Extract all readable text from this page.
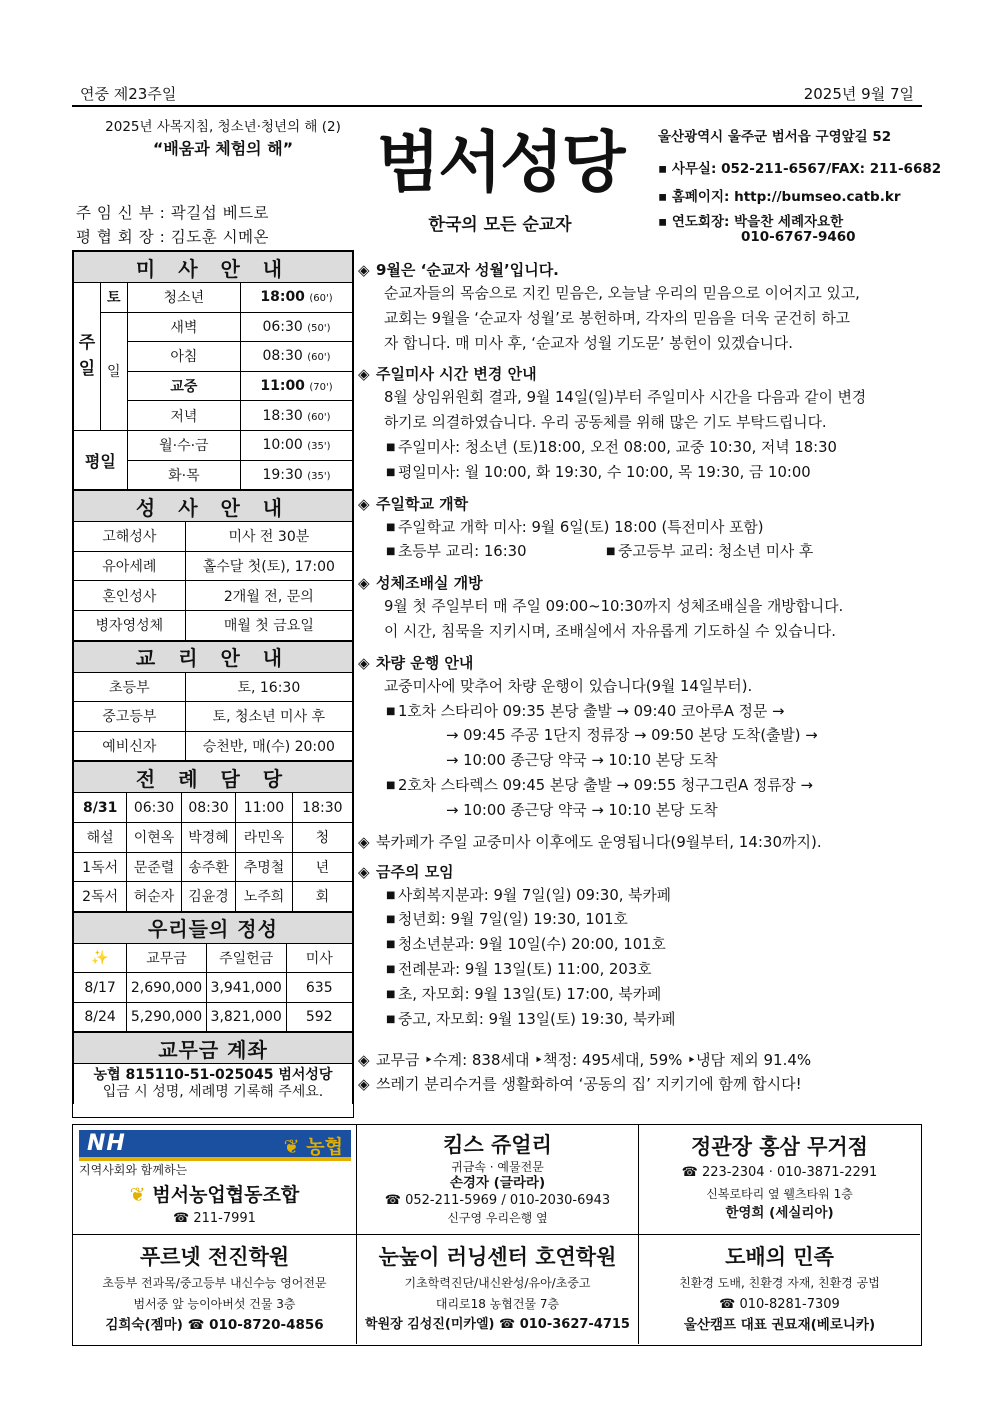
연중 제23주일	2025년 9월 7일
2025년 사목지침, 청소년·청년의 해 (2)
“배움과 체험의 해”
주 임 신 부 : 곽길섭 베드로
평 협 회 장 : 김도훈 시메온
범서성당
한국의 모든 순교자
울산광역시 울주군 범서읍 구영앞길 52
▪ 사무실: 052-211-6567/FAX: 211-6682
▪ 홈페이지: http://bumseo.catb.kr
▪ 연도회장: 박을찬 세례자요한
010-6767-9460
미 사 안 내			
주일	토	청소년	18:00 (60')
	일	새벽	06:30 (50')
		아침	08:30 (60')
		교중	11:00 (70')
		저녁	18:30 (60')
평일		월·수·금	10:00 (35')
		화·목	19:30 (35')
성 사 안 내	
고해성사	미사 전 30분
유아세례	홀수달 첫(토), 17:00
혼인성사	2개월 전, 문의
병자영성체	매월 첫 금요일
교 리 안 내	
초등부	토, 16:30
중고등부	토, 청소년 미사 후
예비신자	승천반, 매(수) 20:00
전 례 담 당				
8/31	06:30	08:30	11:00	18:30
해설	이현옥	박경혜	라민옥	청
1독서	문준렬	송주환	추명철	년
2독서	허순자	김윤경	노주희	회
우리들의 정성			
✨	교무금	주일헌금	미사
8/17	2,690,000	3,941,000	635
8/24	5,290,000	3,821,000	592
교무금 계좌

농협 815110-51-025045 범서성당
입금 시 성명, 세례명 기록해 주세요.
◈ 9월은 ‘순교자 성월’입니다.

순교자들의 목숨으로 지킨 믿음은, 오늘날 우리의 믿음으로 이어지고 있고,

교회는 9월을 ‘순교자 성월’로 봉헌하며, 각자의 믿음을 더욱 굳건히 하고

자 합니다. 매 미사 후, ‘순교자 성월 기도문’ 봉헌이 있겠습니다.

◈ 주일미사 시간 변경 안내

8월 상임위원회 결과, 9월 14일(일)부터 주일미사 시간을 다음과 같이 변경

하기로 의결하였습니다. 우리 공동체를 위해 많은 기도 부탁드립니다.

■ 주일미사: 청소년 (토)18:00, 오전 08:00, 교중 10:30, 저녁 18:30

■ 평일미사: 월 10:00, 화 19:30, 수 10:00, 목 19:30, 금 10:00

◈ 주일학교 개학

■ 주일학교 개학 미사: 9월 6일(토) 18:00 (특전미사 포함)

■ 초등부 교리: 16:30	■ 중고등부 교리: 청소년 미사 후

◈ 성체조배실 개방

9월 첫 주일부터 매 주일 09:00~10:30까지 성체조배실을 개방합니다.

이 시간, 침묵을 지키시며, 조배실에서 자유롭게 기도하실 수 있습니다.

◈ 차량 운행 안내

교중미사에 맞추어 차량 운행이 있습니다(9월 14일부터).

■ 1호차 스타리아 09:35 본당 출발 → 09:40 코아루A 정문 →

→ 09:45 주공 1단지 정류장 → 09:50 본당 도착(출발) →

→ 10:00 종근당 약국 → 10:10 본당 도착

■ 2호차 스타렉스 09:45 본당 출발 → 09:55 청구그린A 정류장 →

→ 10:00 종근당 약국 → 10:10 본당 도착

◈ 북카페가 주일 교중미사 이후에도 운영됩니다(9월부터, 14:30까지).
◈ 금주의 모임

■ 사회복지분과: 9월 7일(일) 09:30, 북카페

■ 청년회: 9월 7일(일) 19:30, 101호

■ 청소년분과: 9월 10일(수) 20:00, 101호

■ 전례분과: 9월 13일(토) 11:00, 203호

■ 초, 자모회: 9월 13일(토) 17:00, 북카페

■ 중고, 자모회: 9월 13일(토) 19:30, 북카페

◈ 교무금 ‣수계: 838세대 ‣책정: 495세대, 59% ‣냉담 제외 91.4%
◈ 쓰레기 분리수거를 생활화하여 ‘공동의 집’ 지키기에 함께 합시다!
NH	❦ 농협
지역사회와 함께하는
❦ 범서농업협동조합
☎ 211-7991
킴스 쥬얼리
귀금속 · 예물전문
손경자 (글라라)
☎ 052-211-5969 / 010-2030-6943
신구영 우리은행 옆
정관장 홍삼 무거점
☎ 223-2304 · 010-3871-2291
신복로타리 옆 웰츠타워 1층
한영희 (세실리아)
푸르넷 전진학원
초등부 전과목/중고등부 내신수능 영어전문
범서중 앞 능이아버섯 건물 3층
김희숙(젬마) ☎ 010-8720-4856
눈높이 러닝센터 호연학원
기초학력진단/내신완성/유아/초중고
대리로18 농협건물 7층
학원장 김성진(미카엘) ☎ 010-3627-4715
도배의 민족
친환경 도배, 친환경 자재, 친환경 공법
☎ 010-8281-7309
울산캠프 대표 권묘재(베로니카)
